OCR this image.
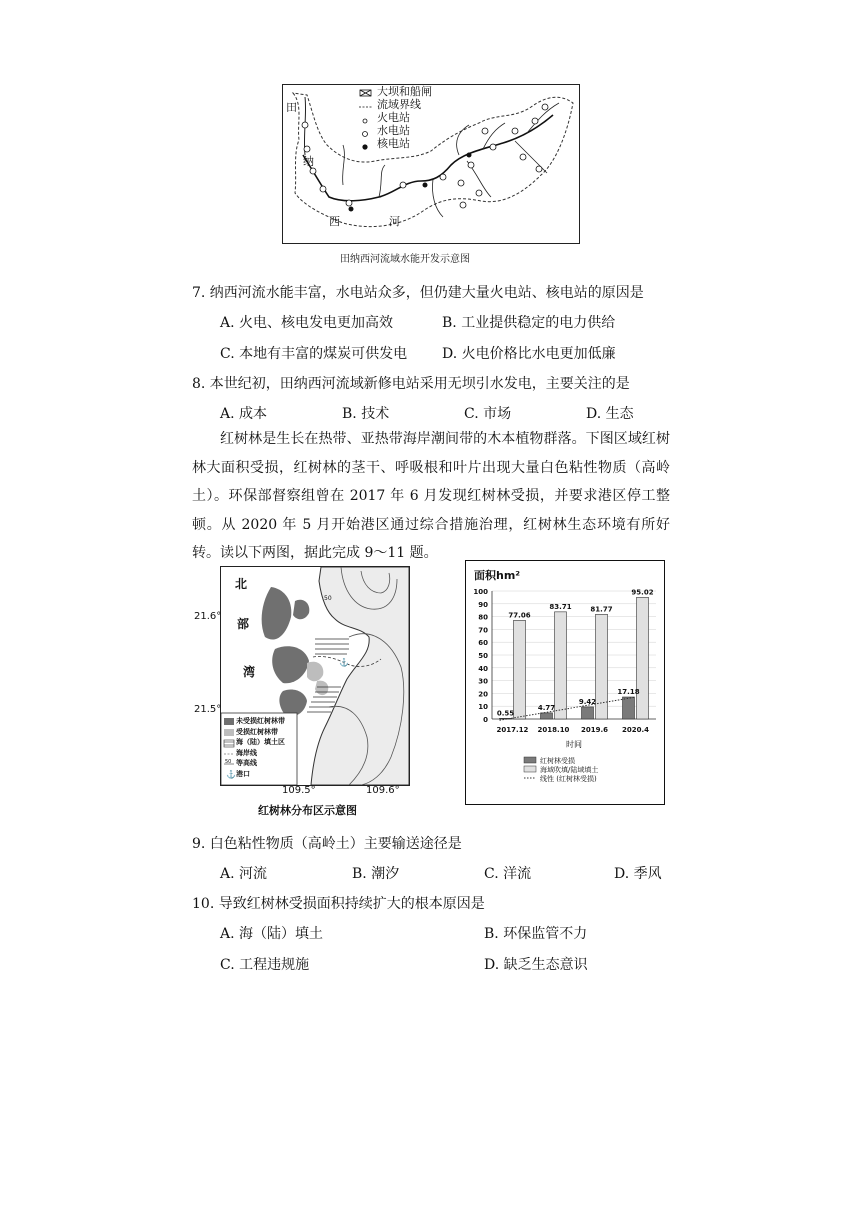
大坝和船闸
流域界线
火电站
水电站
核电站
田
纳
西	河
田纳西河流域水能开发示意图
7. 纳西河流水能丰富，水电站众多，但仍建大量火电站、核电站的原因是
A. 火电、核电发电更加高效	B. 工业提供稳定的电力供给
C. 本地有丰富的煤炭可供发电 D. 火电价格比水电更加低廉
8. 本世纪初，田纳西河流域新修电站采用无坝引水发电，主要关注的是
A. 成本	B. 技术	C. 市场	D. 生态

红树林是生长在热带、亚热带海岸潮间带的木本植物群落。下图区域红树林大面积受损，红树林的茎干、呼吸根和叶片出现大量白色粘性物质（高岭土）。环保部督察组曾在 2017 年 6 月发现红树林受损，并要求港区停工整顿。从 2020 年 5 月开始港区通过综合措施治理，红树林生态环境有所好转。读以下两图，据此完成 9～11 题。

⚓
⚓
北
部
湾
50
未受损红树林带
受损红树林带
海（陆）填土区
海岸线
等高线
港口
50
21.6°
21.5°
109.5°	109.6°
红树林分布区示意图
面积hm²
0
10
20
30
40
50
60
70
80
90
100
0.55
77.06
2017.12
4.77
83.71
2018.10
9.42
81.77
2019.6
17.18
95.02
2020.4
红树林受损
海域吹填/陆域填土
线性 (红树林受损)
时间
9. 白色粘性物质（高岭土）主要输送途径是
A. 河流	B. 潮汐	C. 洋流	D. 季风
10. 导致红树林受损面积持续扩大的根本原因是
A. 海（陆）填土	B. 环保监管不力
C. 工程违规施	D. 缺乏生态意识
